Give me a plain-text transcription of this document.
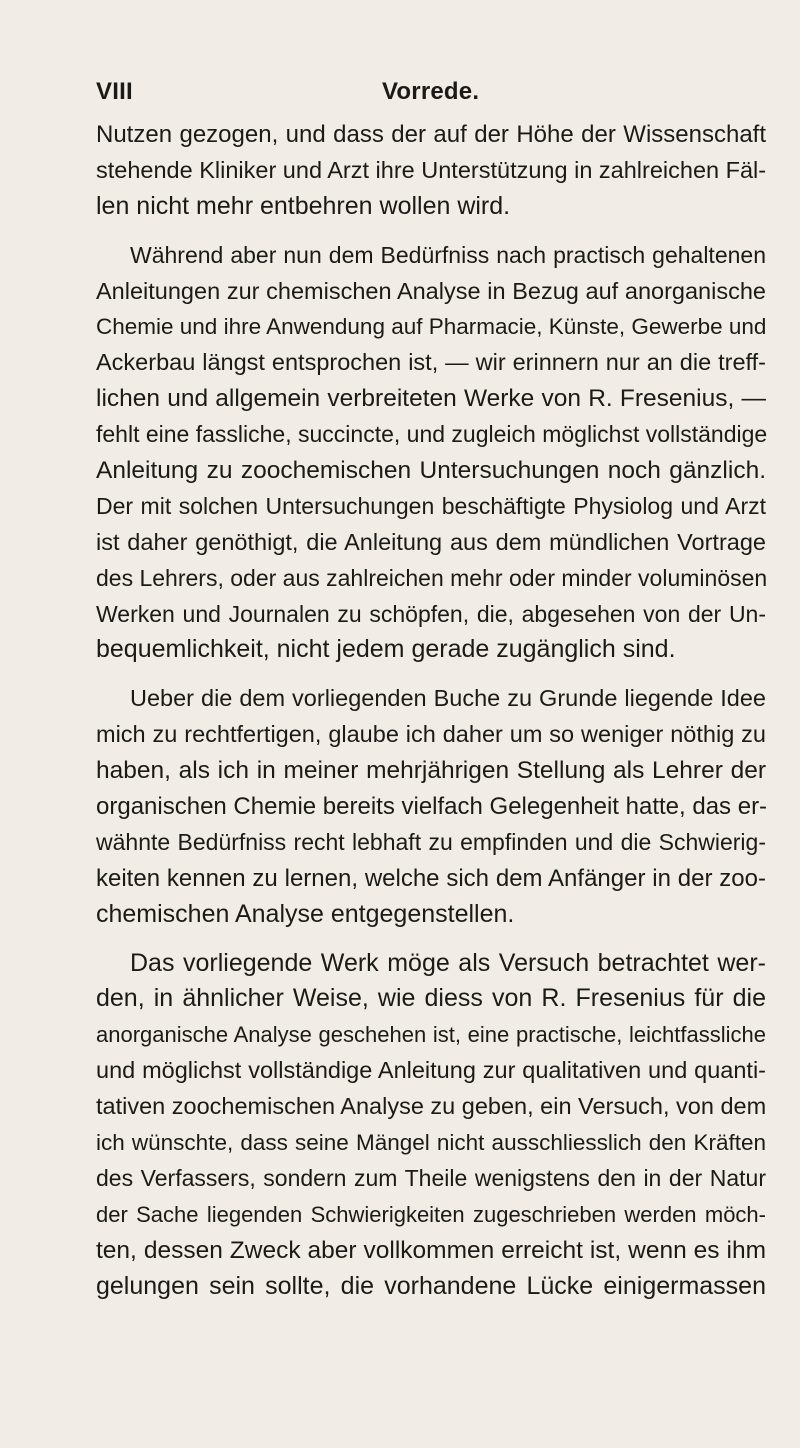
VIII	Vorrede.
Nutzen gezogen, und dass der auf der Höhe der Wissenschaft
stehende Kliniker und Arzt ihre Unterstützung in zahlreichen Fäl-
len nicht mehr entbehren wollen wird.
Während aber nun dem Bedürfniss nach practisch gehaltenen
Anleitungen zur chemischen Analyse in Bezug auf anorganische
Chemie und ihre Anwendung auf Pharmacie, Künste, Gewerbe und
Ackerbau längst entsprochen ist, — wir erinnern nur an die treff-
lichen und allgemein verbreiteten Werke von R. Fresenius, —
fehlt eine fassliche, succincte, und zugleich möglichst vollständige
Anleitung zu zoochemischen Untersuchungen noch gänzlich.
Der mit solchen Untersuchungen beschäftigte Physiolog und Arzt
ist daher genöthigt, die Anleitung aus dem mündlichen Vortrage
des Lehrers, oder aus zahlreichen mehr oder minder voluminösen
Werken und Journalen zu schöpfen, die, abgesehen von der Un-
bequemlichkeit, nicht jedem gerade zugänglich sind.
Ueber die dem vorliegenden Buche zu Grunde liegende Idee
mich zu rechtfertigen, glaube ich daher um so weniger nöthig zu
haben, als ich in meiner mehrjährigen Stellung als Lehrer der
organischen Chemie bereits vielfach Gelegenheit hatte, das er-
wähnte Bedürfniss recht lebhaft zu empfinden und die Schwierig-
keiten kennen zu lernen, welche sich dem Anfänger in der zoo-
chemischen Analyse entgegenstellen.
Das vorliegende Werk möge als Versuch betrachtet wer-
den, in ähnlicher Weise, wie diess von R. Fresenius für die
anorganische Analyse geschehen ist, eine practische, leichtfassliche
und möglichst vollständige Anleitung zur qualitativen und quanti-
tativen zoochemischen Analyse zu geben, ein Versuch, von dem
ich wünschte, dass seine Mängel nicht ausschliesslich den Kräften
des Verfassers, sondern zum Theile wenigstens den in der Natur
der Sache liegenden Schwierigkeiten zugeschrieben werden möch-
ten, dessen Zweck aber vollkommen erreicht ist, wenn es ihm
gelungen sein sollte, die vorhandene Lücke einigermassen
